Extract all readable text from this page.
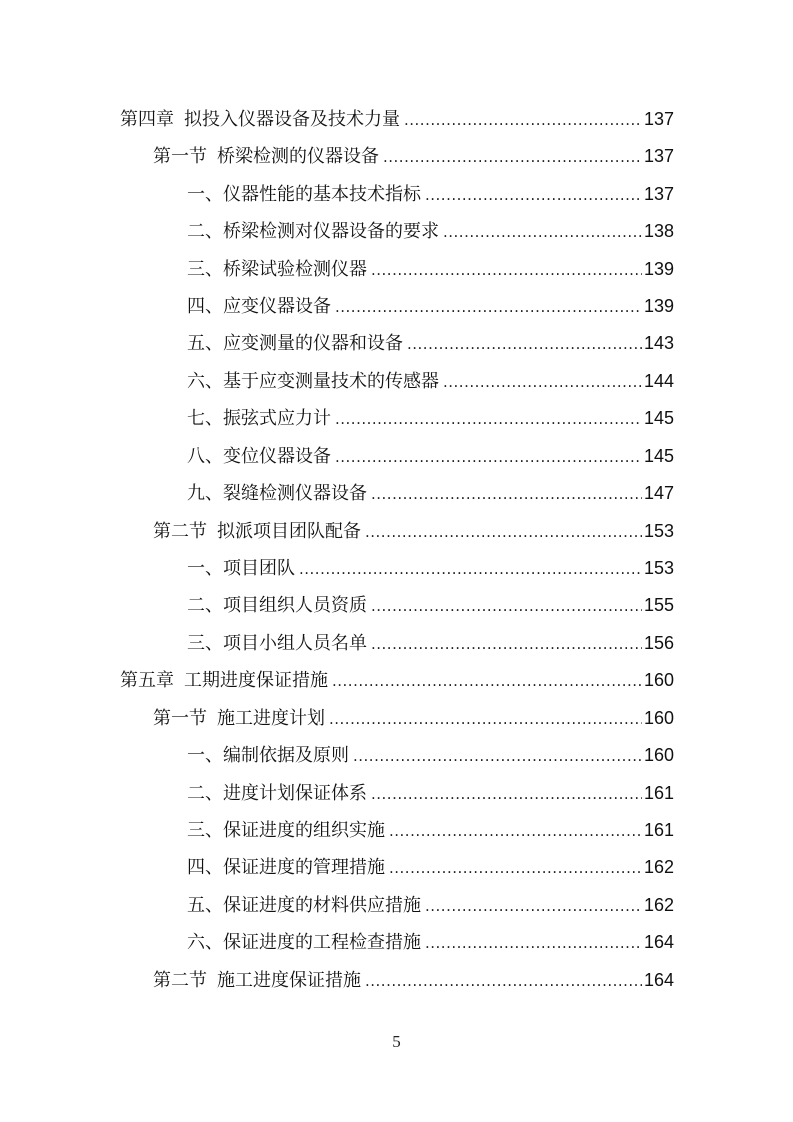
第四章 拟投入仪器设备及技术力量 .....	137
第一节 桥梁检测的仪器设备 .....	137
一、仪器性能的基本技术指标 .....	137
二、桥梁检测对仪器设备的要求 .....	138
三、桥梁试验检测仪器 .....	139
四、应变仪器设备 .....	139
五、应变测量的仪器和设备 .....	143
六、基于应变测量技术的传感器 .....	144
七、振弦式应力计 .....	145
八、变位仪器设备 .....	145
九、裂缝检测仪器设备 .....	147
第二节 拟派项目团队配备 .....	153
一、项目团队 .....	153
二、项目组织人员资质 .....	155
三、项目小组人员名单 .....	156
第五章 工期进度保证措施 .....	160
第一节 施工进度计划 .....	160
一、编制依据及原则 .....	160
二、进度计划保证体系 .....	161
三、保证进度的组织实施 .....	161
四、保证进度的管理措施 .....	162
五、保证进度的材料供应措施 .....	162
六、保证进度的工程检查措施 .....	164
第二节 施工进度保证措施 .....	164
5
